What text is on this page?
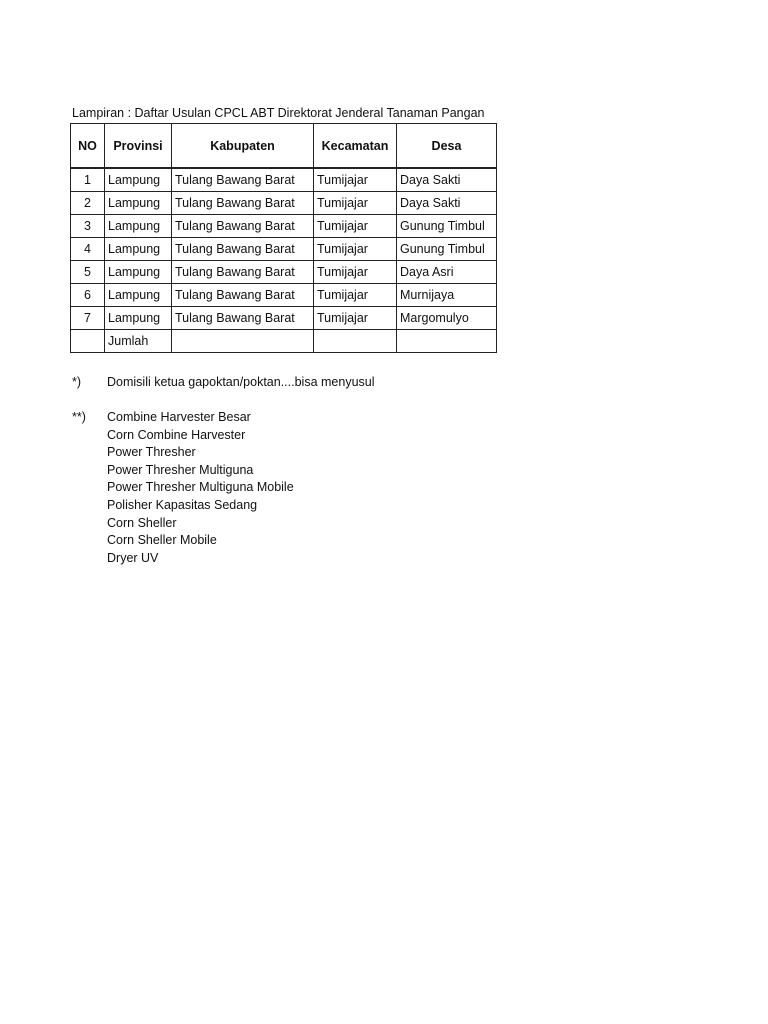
Lampiran : Daftar Usulan CPCL ABT Direktorat Jenderal Tanaman Pangan
NO	Provinsi	Kabupaten	Kecamatan	Desa
1	Lampung	Tulang Bawang Barat	Tumijajar	Daya Sakti
2	Lampung	Tulang Bawang Barat	Tumijajar	Daya Sakti
3	Lampung	Tulang Bawang Barat	Tumijajar	Gunung Timbul
4	Lampung	Tulang Bawang Barat	Tumijajar	Gunung Timbul
5	Lampung	Tulang Bawang Barat	Tumijajar	Daya Asri
6	Lampung	Tulang Bawang Barat	Tumijajar	Murnijaya
7	Lampung	Tulang Bawang Barat	Tumijajar	Margomulyo
	Jumlah			
*) Domisili ketua gapoktan/poktan....bisa menyusul
**) Combine Harvester Besar
Corn Combine Harvester
Power Thresher
Power Thresher Multiguna
Power Thresher Multiguna Mobile
Polisher Kapasitas Sedang
Corn Sheller
Corn Sheller Mobile
Dryer UV
